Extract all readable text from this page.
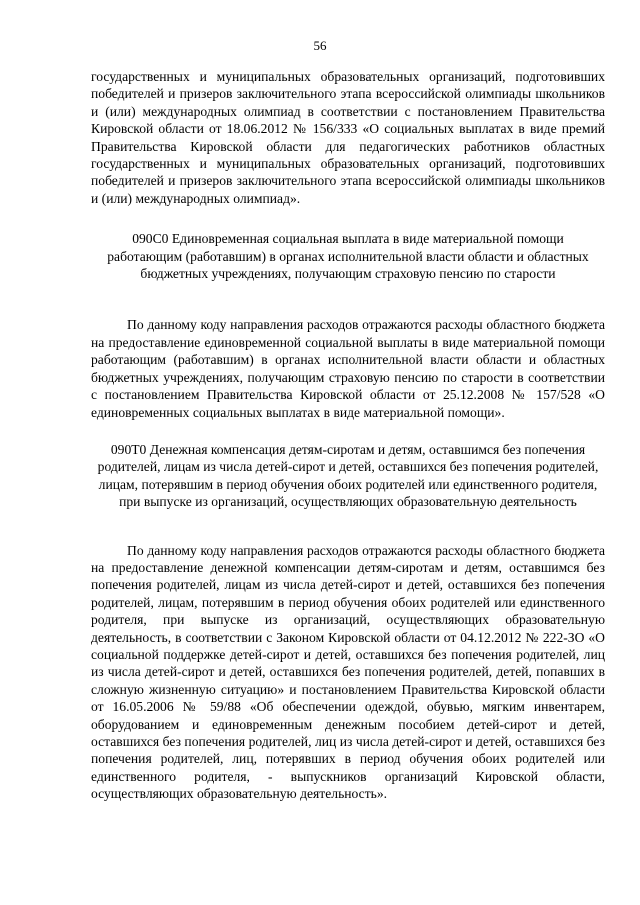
56

государственных и муниципальных образовательных организаций, подготовивших победителей и призеров заключительного этапа всероссийской олимпиады школьников и (или) международных олимпиад в соответствии с постановлением Правительства Кировской области от 18.06.2012 № 156/333 «О социальных выплатах в виде премий Правительства Кировской области для педагогических работников областных государственных и муниципальных образовательных организаций, подготовивших победителей и призеров заключительного этапа всероссийской олимпиады школьников и (или) международных олимпиад».

090С0 Единовременная социальная выплата в виде материальной помощи работающим (работавшим) в органах исполнительной власти области и областных бюджетных учреждениях, получающим страховую пенсию по старости

По данному коду направления расходов отражаются расходы областного бюджета на предоставление единовременной социальной выплаты в виде материальной помощи работающим (работавшим) в органах исполнительной власти области и областных бюджетных учреждениях, получающим страховую пенсию по старости в соответствии с постановлением Правительства Кировской области от 25.12.2008 № 157/528 «О единовременных социальных выплатах в виде материальной помощи».

090Т0 Денежная компенсация детям-сиротам и детям, оставшимся без попечения родителей, лицам из числа детей-сирот и детей, оставшихся без попечения родителей, лицам, потерявшим в период обучения обоих родителей или единственного родителя, при выпуске из организаций, осуществляющих образовательную деятельность

По данному коду направления расходов отражаются расходы областного бюджета на предоставление денежной компенсации детям-сиротам и детям, оставшимся без попечения родителей, лицам из числа детей-сирот и детей, оставшихся без попечения родителей, лицам, потерявшим в период обучения обоих родителей или единственного родителя, при выпуске из организаций, осуществляющих образовательную деятельность, в соответствии с Законом Кировской области от 04.12.2012 № 222-ЗО «О социальной поддержке детей-сирот и детей, оставшихся без попечения родителей, лиц из числа детей-сирот и детей, оставшихся без попечения родителей, детей, попавших в сложную жизненную ситуацию» и постановлением Правительства Кировской области от 16.05.2006 № 59/88 «Об обеспечении одеждой, обувью, мягким инвентарем, оборудованием и единовременным денежным пособием детей-сирот и детей, оставшихся без попечения родителей, лиц из числа детей-сирот и детей, оставшихся без попечения родителей, лиц, потерявших в период обучения обоих родителей или единственного родителя, - выпускников организаций Кировской области, осуществляющих образовательную деятельность».
